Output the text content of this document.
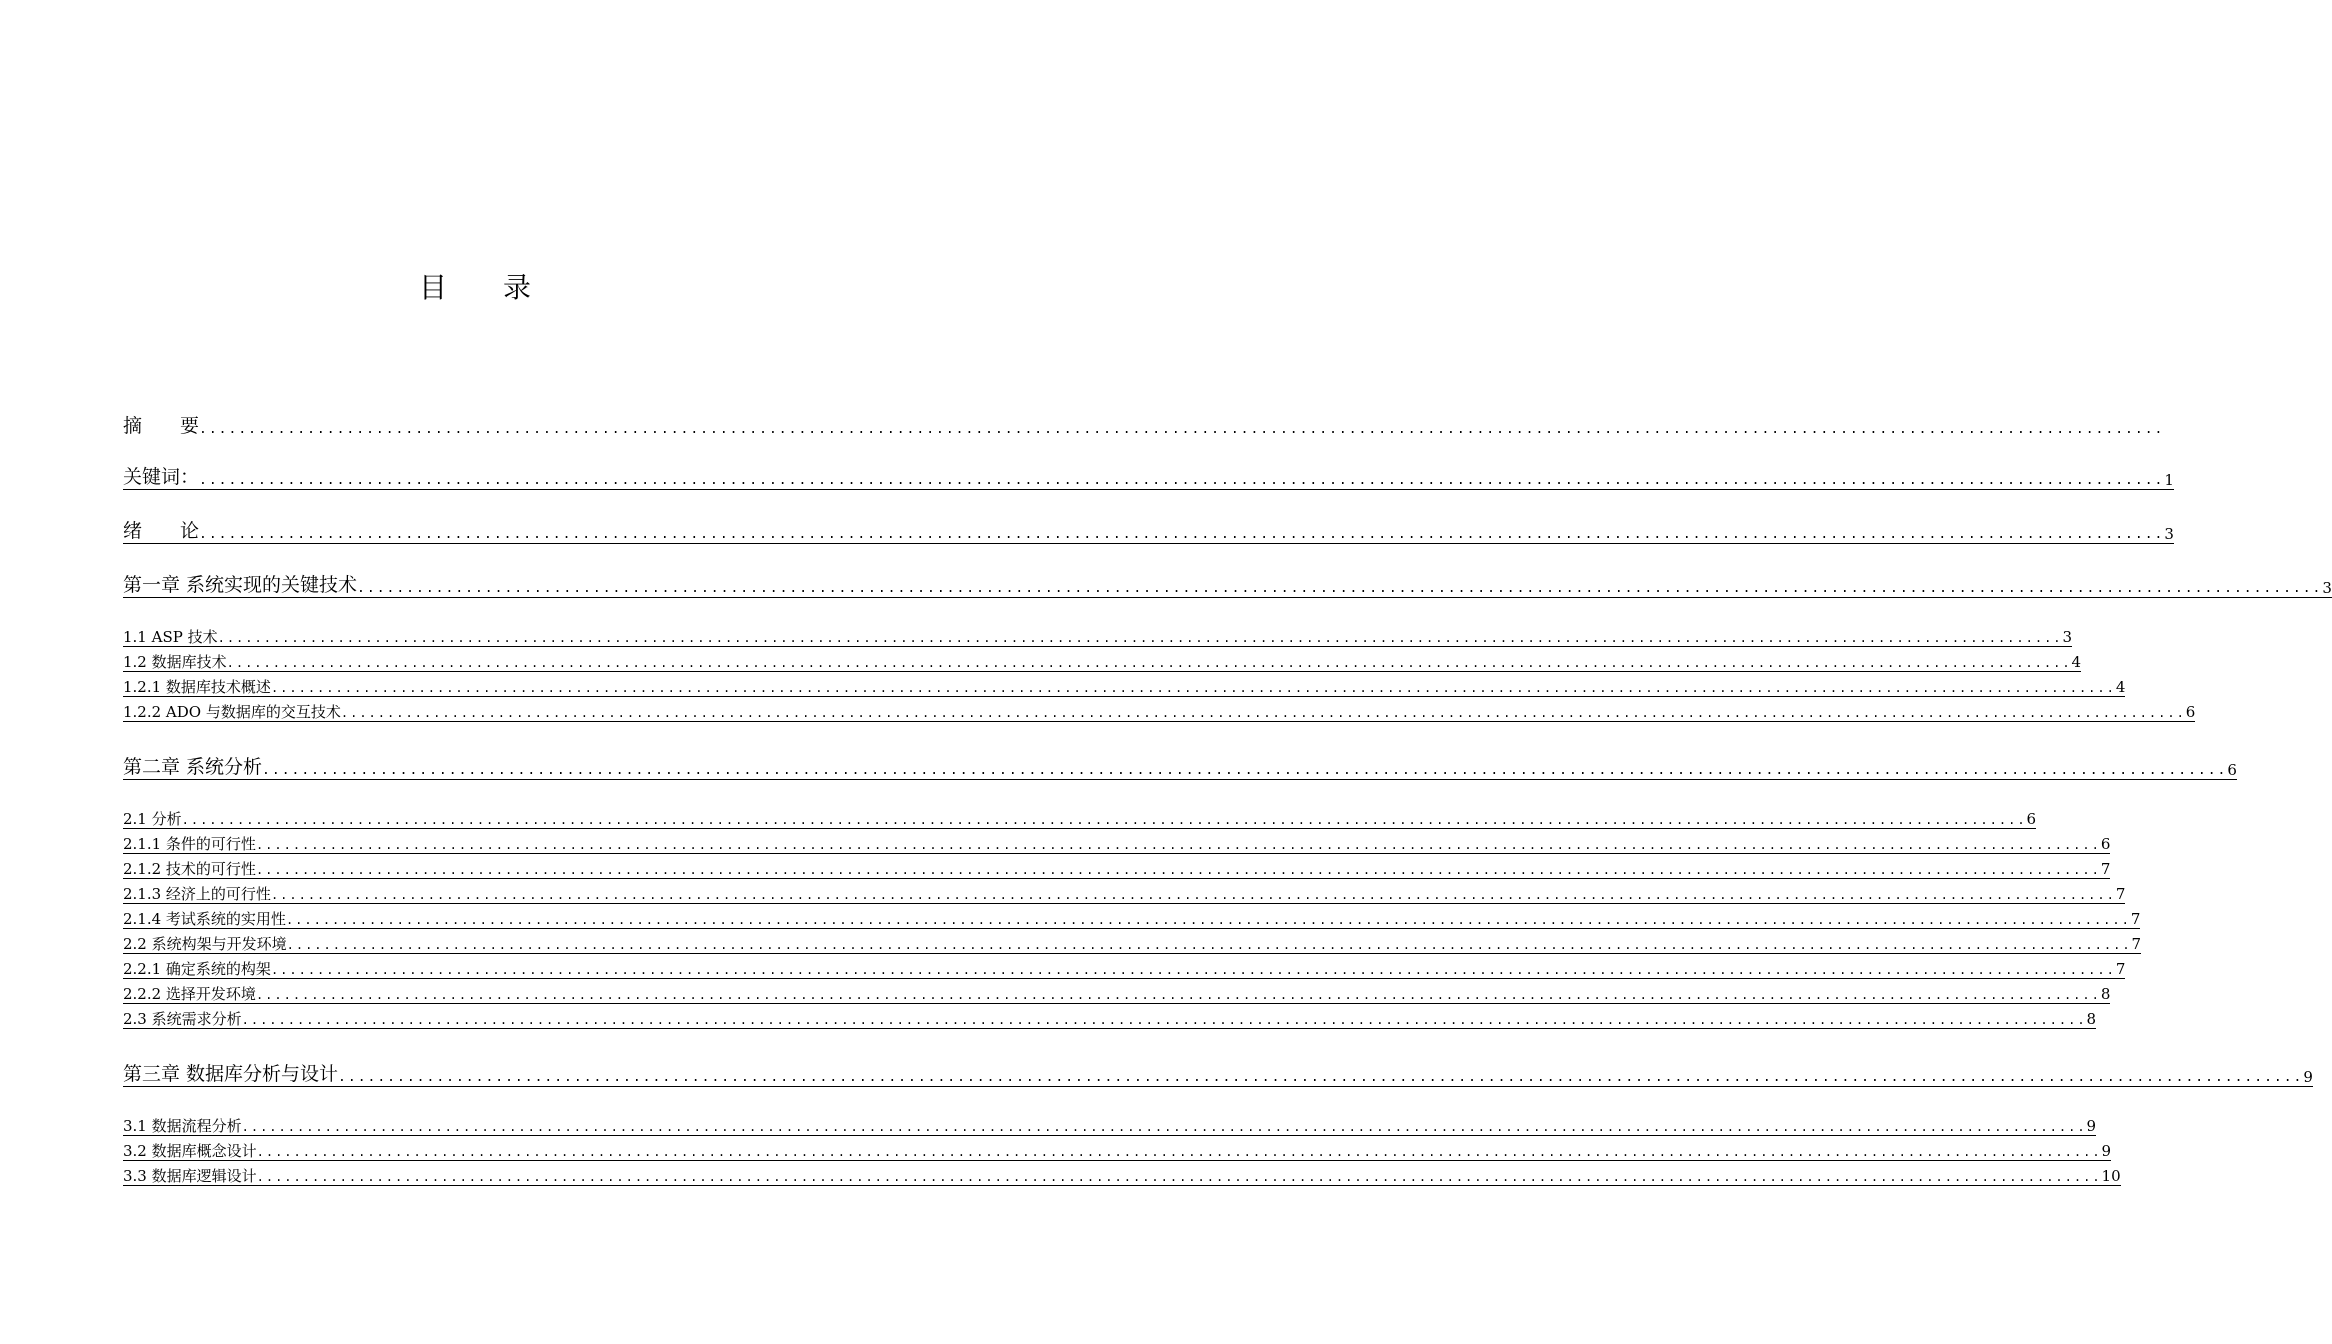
目　　录
摘　　要 ........................................................................................................................................................................................................
关键词： ........................................................................................................................................................................................................ 1
绪　　论 ........................................................................................................................................................................................................ 3
第一章 系统实现的关键技术 ........................................................................................................................................................................................................ 3
1.1 ASP 技术 ........................................................................................................................................................................................................ 3
1.2 数据库技术 ........................................................................................................................................................................................................ 4
1.2.1 数据库技术概述 ........................................................................................................................................................................................................ 4
1.2.2 ADO 与数据库的交互技术 ........................................................................................................................................................................................................ 6
第二章 系统分析 ........................................................................................................................................................................................................ 6
2.1 分析 ........................................................................................................................................................................................................ 6
2.1.1 条件的可行性 ........................................................................................................................................................................................................ 6
2.1.2 技术的可行性 ........................................................................................................................................................................................................ 7
2.1.3 经济上的可行性 ........................................................................................................................................................................................................ 7
2.1.4 考试系统的实用性 ........................................................................................................................................................................................................ 7
2.2 系统构架与开发环境 ........................................................................................................................................................................................................ 7
2.2.1 确定系统的构架 ........................................................................................................................................................................................................ 7
2.2.2 选择开发环境 ........................................................................................................................................................................................................ 8
2.3 系统需求分析 ........................................................................................................................................................................................................ 8
第三章 数据库分析与设计 ........................................................................................................................................................................................................ 9
3.1 数据流程分析 ........................................................................................................................................................................................................ 9
3.2 数据库概念设计 ........................................................................................................................................................................................................ 9
3.3 数据库逻辑设计 ........................................................................................................................................................................................................ 10
